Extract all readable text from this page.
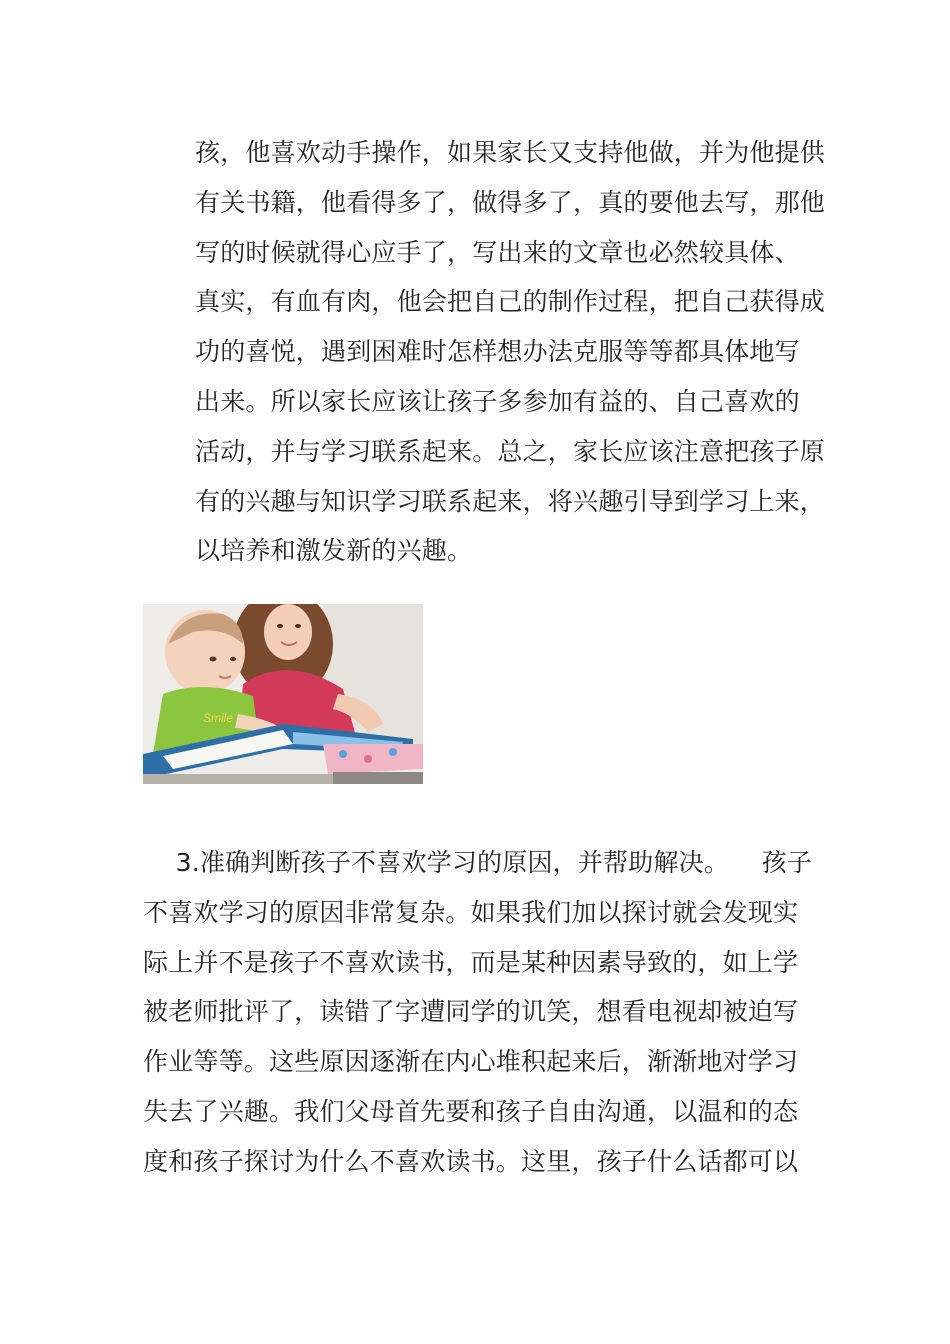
孩，他喜欢动手操作，如果家长又支持他做，并为他提供
有关书籍，他看得多了，做得多了，真的要他去写，那他
写的时候就得心应手了，写出来的文章也必然较具体、
真实，有血有肉，他会把自己的制作过程，把自己获得成
功的喜悦，遇到困难时怎样想办法克服等等都具体地写
出来。所以家长应该让孩子多参加有益的、自己喜欢的
活动，并与学习联系起来。总之，家长应该注意把孩子原
有的兴趣与知识学习联系起来，将兴趣引导到学习上来，
以培养和激发新的兴趣。
Smile
3.准确判断孩子不喜欢学习的原因，并帮助解决。    孩子
不喜欢学习的原因非常复杂。如果我们加以探讨就会发现实
际上并不是孩子不喜欢读书，而是某种因素导致的，如上学
被老师批评了，读错了字遭同学的讥笑，想看电视却被迫写
作业等等。这些原因逐渐在内心堆积起来后，渐渐地对学习
失去了兴趣。我们父母首先要和孩子自由沟通，以温和的态
度和孩子探讨为什么不喜欢读书。这里，孩子什么话都可以
